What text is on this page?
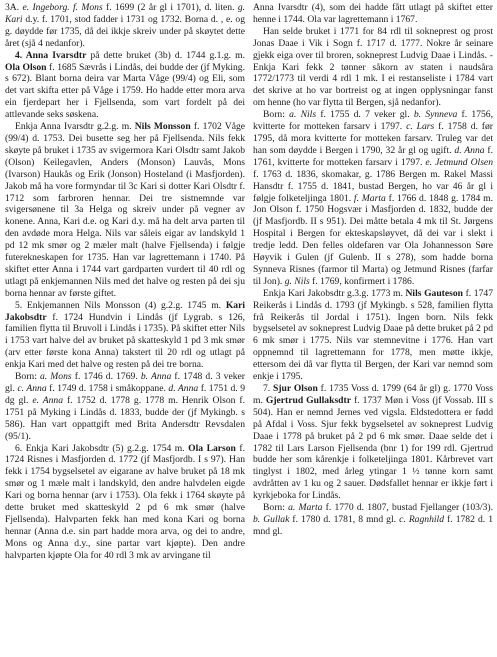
3A. e. Ingeborg. f. Mons f. 1699 (2 år gl i 1701), d. liten. g. Kari d.y. f. 1701, stod fadder i 1731 og 1732. Borna d. , e. og g. døydde før 1735, då dei ikkje skreiv under på skøytet dette året (sjå 4 nedanfor).

4. Anna Ivarsdtr på dette bruket (3b) d. 1744 g.1.g. m. Ola Olson f. 1685 Sævrås i Lindås, dei budde der (jf Myking. s 672). Blant borna deira var Marta Våge (99/4) og Eli, som det vart skifta etter på Våge i 1759. Ho hadde etter mora arva ein fjerdepart her i Fjellsenda, som vart fordelt på dei attlevande seks søskena.

Enkja Anna Ivarsdtr g.2.g. m. Nils Monsson f. 1702 Våge (99/4) d. 1753. Dei busette seg her på Fjellsenda. Nils fekk skøyte på bruket i 1735 av svigermora Kari Olsdtr samt Jakob (Olson) Keilegavlen, Anders (Monson) Lauvås, Mons (Ivarson) Haukås og Erik (Jonson) Hosteland (i Masfjorden). Jakob må ha vore formyndar til 3c Kari si dotter Kari Olsdtr f. 1712 som farbroren hennar. Dei tre sistnemnde var svigersønene til 3a Helga og skreiv under på vegner av konene. Anna, Kari d.e. og Kari d.y. må ha delt arva parten til den avdøde mora Helga. Nils var såleis eigar av landskyld 1 pd 12 mk smør og 2 mæler malt (halve Fjellsenda) i følgje futerekneskapen for 1735. Han var lagrettemann i 1740. På skiftet etter Anna i 1744 vart gardparten vurdert til 40 rdl og utlagt på enkjemannen Nils med det halve og resten på dei sju borna hennar av første giftet.

5. Enkjemannen Nils Monsson (4) g.2.g. 1745 m. Kari Jakobsdtr f. 1724 Hundvin i Lindås (jf Lygrab. s 126, familien flytta til Bruvoll i Lindås i 1735). På skiftet etter Nils i 1753 vart halve del av bruket på skatteskyld 1 pd 3 mk smør (arv etter første kona Anna) takstert til 20 rdl og utlagt på enkja Kari med det halve og resten på dei tre borna.

Born: a. Mons f. 1746 d. 1769. b. Anna f. 1748 d. 3 veker gl. c. Anna f. 1749 d. 1758 i småkoppane. d. Anna f. 1751 d. 9 dg gl. e. Anna f. 1752 d. 1778 g. 1778 m. Henrik Olson f. 1751 på Myking i Lindås d. 1833, budde der (jf Mykingb. s 586). Han vart oppattgift med Brita Andersdtr Revsdalen (95/1).

6. Enkja Kari Jakobsdtr (5) g.2.g. 1754 m. Ola Larson f. 1724 Risnes i Masfjorden d. 1772 (jf Masfjordb. I s 97). Han fekk i 1754 bygselsetel av eigarane av halve bruket på 18 mk smør og 1 mæle malt i landskyld, den andre halvdelen eigde Kari og borna hennar (arv i 1753). Ola fekk i 1764 skøyte på dette bruket med skatteskyld 2 pd 6 mk smør (halve Fjellsenda). Halvparten fekk han med kona Kari og borna hennar (Anna d.e. sin part hadde mora arva, og dei to andre, Mons og Anna d.y., sine partar vart kjøpte). Den andre halvparten kjøpte Ola for 40 rdl 3 mk av arvingane til

Anna Ivarsdtr (4), som dei hadde fått utlagt på skiftet etter henne i 1744. Ola var lagrettemann i 1767.

Han selde bruket i 1771 for 84 rdl til sokneprest og prost Jonas Daae i Vik i Sogn f. 1717 d. 1777. Nokre år seinare gjekk eiga over til broren, sokneprest Ludvig Daae i Lindås. - Enkja Kari fekk 2 tønner såkorn av staten i naudsåra 1772/1773 til verdi 4 rdl 1 mk. I ei restanseliste i 1784 vart det skrive at ho var bortreist og at ingen opplysningar fanst om henne (ho var flytta til Bergen, sjå nedanfor).

Born: a. Nils f. 1755 d. 7 veker gl. b. Synneva f. 1756, kvitterte for motteken farsarv i 1797. c. Lars f. 1758 d. før 1795, då mora kvitterte for motteken farsarv. Truleg var det han som døydde i Bergen i 1790, 32 år gl og ugift. d. Anna f. 1761, kvitterte for motteken farsarv i 1797. e. Jetmund Olsen f. 1763 d. 1836, skomakar, g. 1786 Bergen m. Rakel Massi Hansdtr f. 1755 d. 1841, bustad Bergen, ho var 46 år gl i følgje folketeljinga 1801. f. Marta f. 1766 d. 1848 g. 1784 m. Jon Olson f. 1750 Hogsvær i Masfjorden d. 1832, budde der (jf Masfjordb. II s 951). Dei måtte betala 4 mk til St. Jørgens Hospital i Bergen for ekteskapsløyvet, då dei var i slekt i tredje ledd. Den felles oldefaren var Ola Johannesson Søre Høyvik i Gulen (jf Gulenb. II s 278), som hadde borna Synneva Risnes (farmor til Marta) og Jetmund Risnes (farfar til Jon). g. Nils f. 1769, konfirmert i 1786.

Enkja Kari Jakobsdtr g.3.g. 1773 m. Nils Gauteson f. 1747 Reikerås i Lindås d. 1793 (jf Mykingb. s 528, familien flytta frå Reikerås til Jordal i 1751). Ingen born. Nils fekk bygselsetel av sokneprest Ludvig Daae på dette bruket på 2 pd 6 mk smør i 1775. Nils var stemnevitne i 1776. Han vart oppnemnd til lagrettemann for 1778, men møtte ikkje, ettersom dei då var flytta til Bergen, der Kari var nemnd som enkje i 1795.

7. Sjur Olson f. 1735 Voss d. 1799 (64 år gl) g. 1770 Voss m. Gjertrud Gullaksdtr f. 1737 Møn i Voss (jf Vossab. III s 504). Han er nemnd Jernes ved vigsla. Eldstedottera er fødd på Afdal i Voss. Sjur fekk bygselsetel av sokneprest Ludvig Daae i 1778 på bruket på 2 pd 6 mk smør. Daae selde det i 1782 til Lars Larson Fjellsenda (bnr 1) for 199 rdl. Gjertrud budde her som kårenkje i folketeljinga 1801. Kårbrevet vart tinglyst i 1802, med årleg ytingar 1 ½ tønne korn samt avdråtten av 1 ku og 2 sauer. Dødsfallet hennar er ikkje ført i kyrkjeboka for Lindås.

Born: a. Marta f. 1770 d. 1807, bustad Fjellanger (103/3). b. Gullak f. 1780 d. 1781, 8 mnd gl. c. Ragnhild f. 1782 d. 1 mnd gl.
